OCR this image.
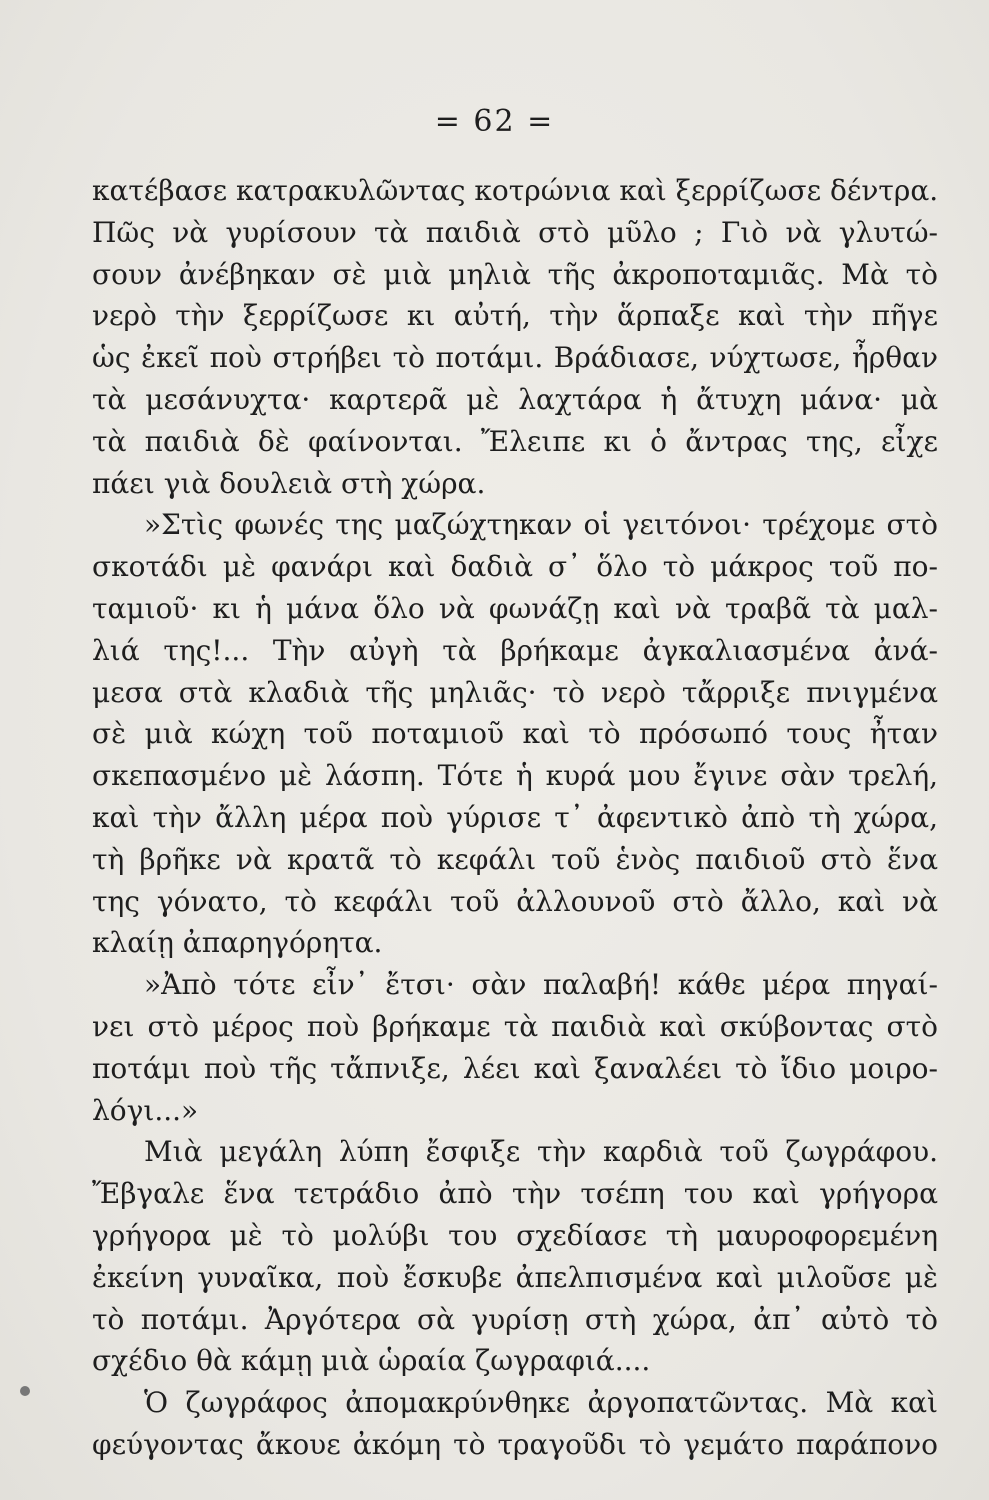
= 62 =
κατέβασε κατρακυλῶντας κοτρώνια καὶ ξερρίζωσε δέντρα.
Πῶς νὰ γυρίσουν τὰ παιδιὰ στὸ μῦλο ; Γιὸ νὰ γλυτώ-
σουν ἀνέβηκαν σὲ μιὰ μηλιὰ τῆς ἀκροποταμιᾶς. Μὰ τὸ
νερὸ τὴν ξερρίζωσε κι αὐτή, τὴν ἅρπαξε καὶ τὴν πῆγε
ὡς ἐκεῖ ποὺ στρήβει τὸ ποτάμι. Βράδιασε, νύχτωσε, ἦρθαν
τὰ μεσάνυχτα· καρτερᾶ μὲ λαχτάρα ἡ ἄτυχη μάνα· μὰ
τὰ παιδιὰ δὲ φαίνονται. Ἔλειπε κι ὁ ἄντρας της, εἶχε
πάει γιὰ δουλειὰ στὴ χώρα.
»Στὶς φωνές της μαζώχτηκαν οἱ γειτόνοι· τρέχομε στὸ
σκοτάδι μὲ φανάρι καὶ δαδιὰ σ᾽ ὅλο τὸ μάκρος τοῦ πο-
ταμιοῦ· κι ἡ μάνα ὅλο νὰ φωνάζῃ καὶ νὰ τραβᾶ τὰ μαλ-
λιά της!... Τὴν αὐγὴ τὰ βρήκαμε ἀγκαλιασμένα ἀνά-
μεσα στὰ κλαδιὰ τῆς μηλιᾶς· τὸ νερὸ τἄρριξε πνιγμένα
σὲ μιὰ κώχη τοῦ ποταμιοῦ καὶ τὸ πρόσωπό τους ἦταν
σκεπασμένο μὲ λάσπη. Τότε ἡ κυρά μου ἔγινε σὰν τρελή,
καὶ τὴν ἄλλη μέρα ποὺ γύρισε τ᾽ ἀφεντικὸ ἀπὸ τὴ χώρα,
τὴ βρῆκε νὰ κρατᾶ τὸ κεφάλι τοῦ ἑνὸς παιδιοῦ στὸ ἕνα
της γόνατο, τὸ κεφάλι τοῦ ἀλλουνοῦ στὸ ἄλλο, καὶ νὰ
κλαίῃ ἀπαρηγόρητα.
»Ἀπὸ τότε εἶν᾽ ἔτσι· σὰν παλαβή! κάθε μέρα πηγαί-
νει στὸ μέρος ποὺ βρήκαμε τὰ παιδιὰ καὶ σκύβοντας στὸ
ποτάμι ποὺ τῆς τἄπνιξε, λέει καὶ ξαναλέει τὸ ἴδιο μοιρο-
λόγι...»
Μιὰ μεγάλη λύπη ἔσφιξε τὴν καρδιὰ τοῦ ζωγράφου.
Ἔβγαλε ἕνα τετράδιο ἀπὸ τὴν τσέπη του καὶ γρήγορα
γρήγορα μὲ τὸ μολύβι του σχεδίασε τὴ μαυροφορεμένη
ἐκείνη γυναῖκα, ποὺ ἔσκυβε ἀπελπισμένα καὶ μιλοῦσε μὲ
τὸ ποτάμι. Ἀργότερα σὰ γυρίσῃ στὴ χώρα, ἀπ᾽ αὐτὸ τὸ
σχέδιο θὰ κάμῃ μιὰ ὡραία ζωγραφιά....
Ὁ ζωγράφος ἀπομακρύνθηκε ἀργοπατῶντας. Μὰ καὶ
φεύγοντας ἄκουε ἀκόμη τὸ τραγοῦδι τὸ γεμάτο παράπονο
